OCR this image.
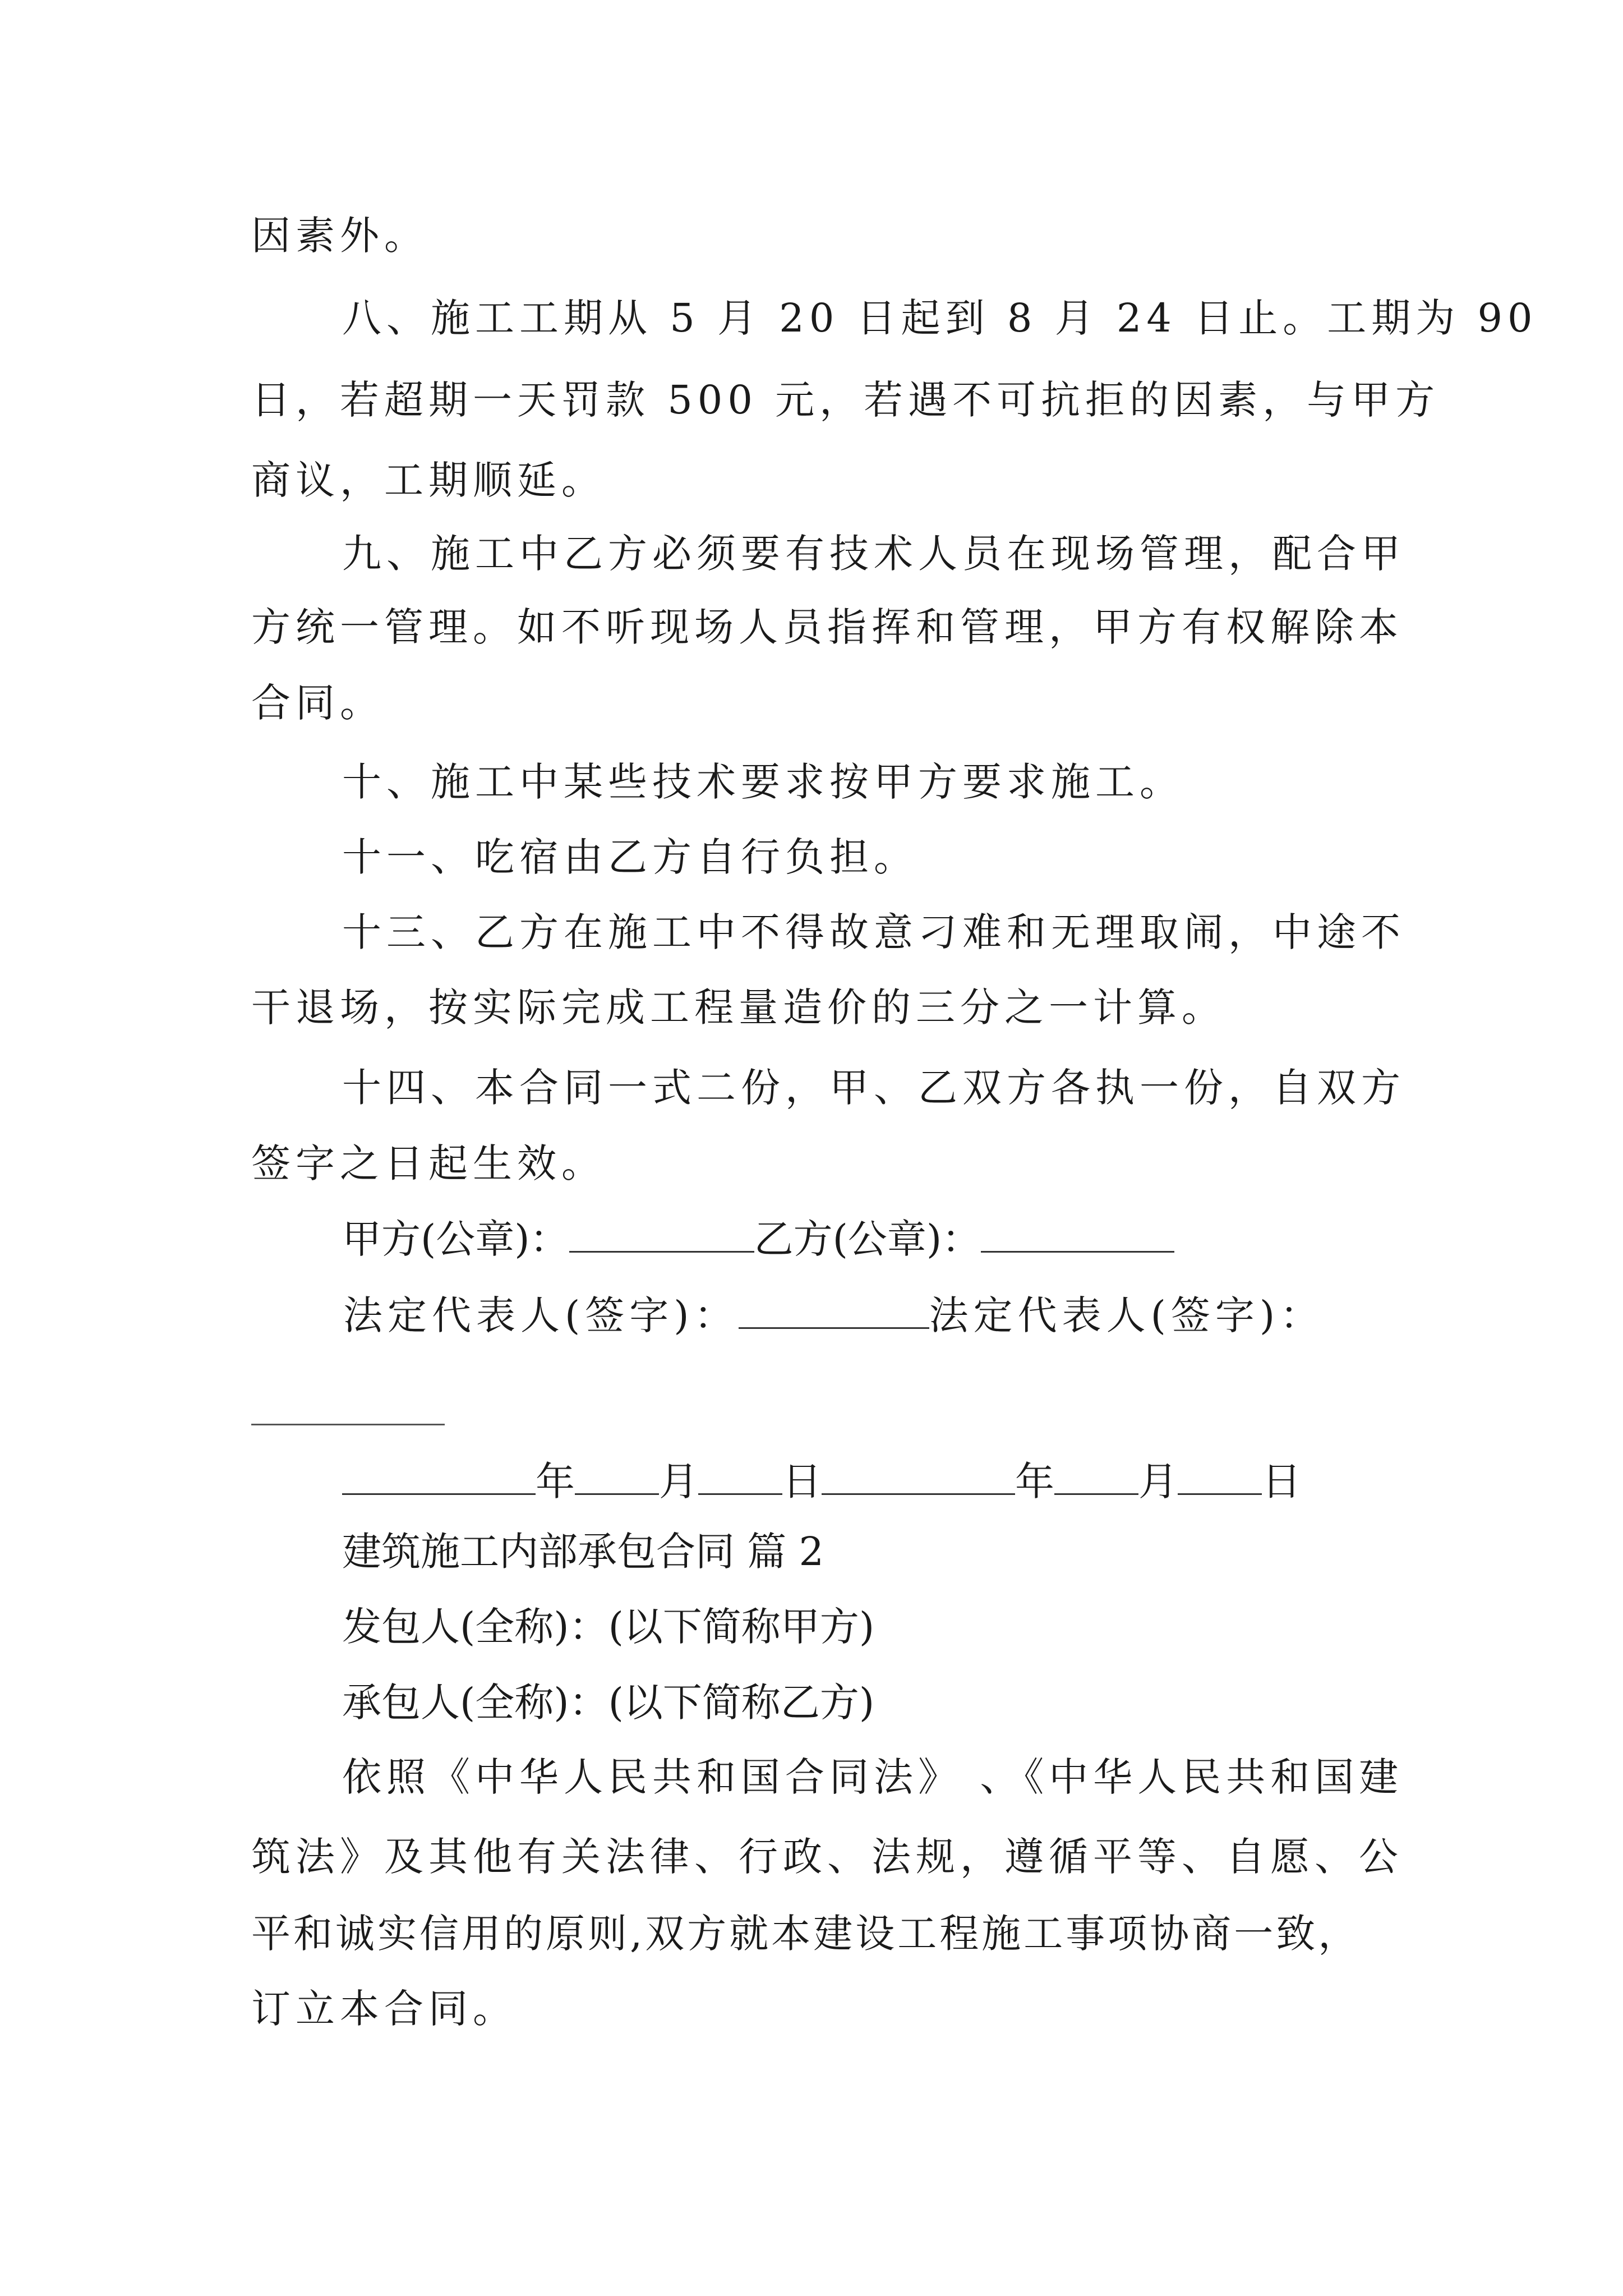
因素外。

八、施工工期从 5 月 20 日起到 8 月 24 日止。工期为 90

日，若超期一天罚款 500 元，若遇不可抗拒的因素，与甲方

商议，工期顺延。

九、施工中乙方必须要有技术人员在现场管理，配合甲

方统一管理。如不听现场人员指挥和管理，甲方有权解除本

合同。

十、施工中某些技术要求按甲方要求施工。

十一、吃宿由乙方自行负担。

十三、乙方在施工中不得故意刁难和无理取闹，中途不

干退场，按实际完成工程量造价的三分之一计算。

十四、本合同一式二份，甲、乙双方各执一份，自双方

签字之日起生效。

甲方(公章)：	乙方(公章)：

法定代表人(签字)：	法定代表人(签字)：

年 月 日	年 月 日

建筑施工内部承包合同 篇 2

发包人(全称)：(以下简称甲方)

承包人(全称)：(以下简称乙方)

依照《中华人民共和国合同法》 、《中华人民共和国建

筑法》及其他有关法律、行政、法规，遵循平等、自愿、公

平和诚实信用的原则,双方就本建设工程施工事项协商一致，

订立本合同。
